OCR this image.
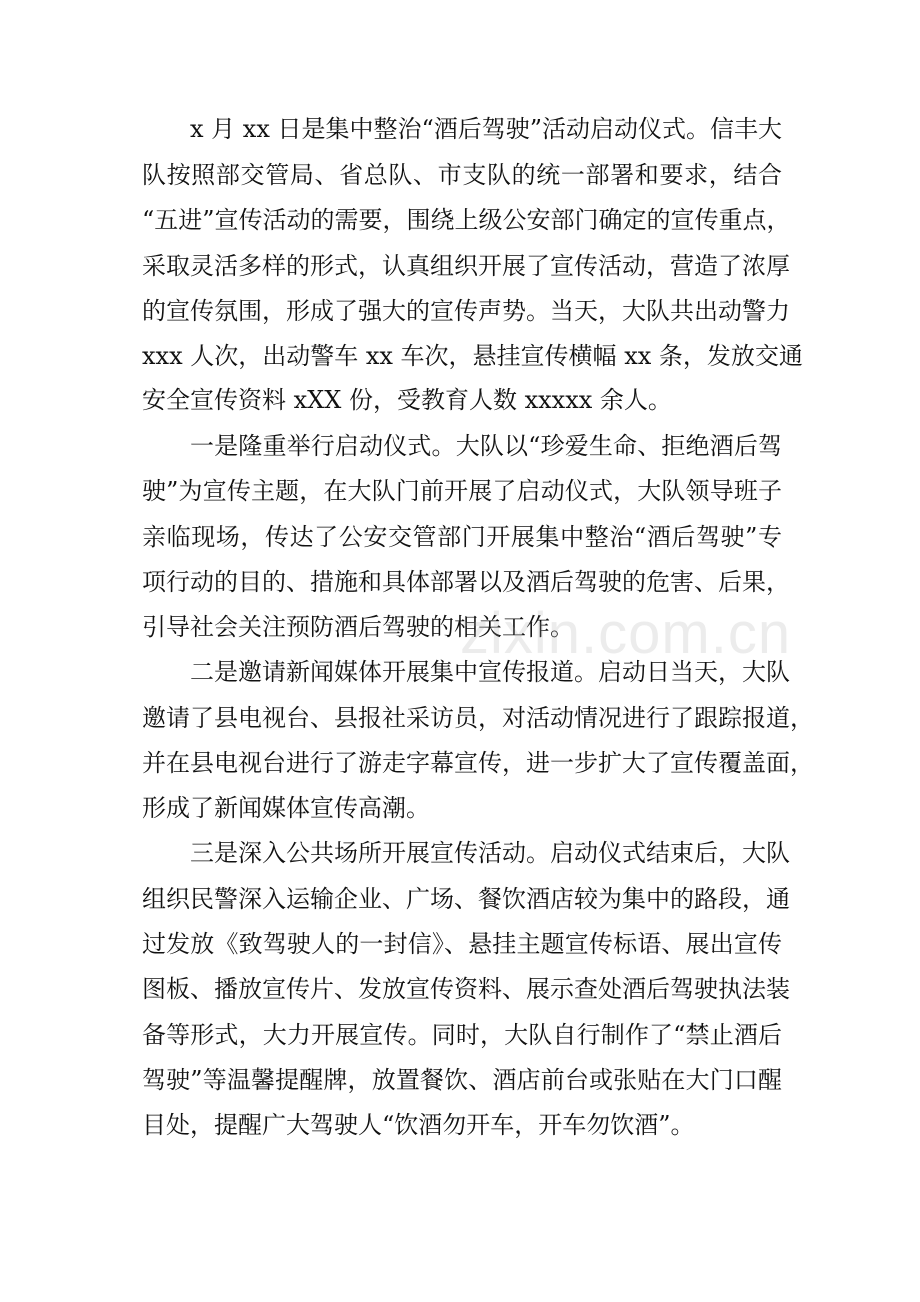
x 月 xx 日是集中整治“酒后驾驶”活动启动仪式。信丰大
队按照部交管局、省总队、市支队的统一部署和要求，结合
“五进”宣传活动的需要，围绕上级公安部门确定的宣传重点，
采取灵活多样的形式，认真组织开展了宣传活动，营造了浓厚
的宣传氛围，形成了强大的宣传声势。当天，大队共出动警力
xxx 人次，出动警车 xx 车次，悬挂宣传横幅 xx 条，发放交通
安全宣传资料 xXX 份，受教育人数 xxxxx 余人。
一是隆重举行启动仪式。大队以“珍爱生命、拒绝酒后驾
驶”为宣传主题，在大队门前开展了启动仪式，大队领导班子
亲临现场，传达了公安交管部门开展集中整治“酒后驾驶”专
项行动的目的、措施和具体部署以及酒后驾驶的危害、后果，
引导社会关注预防酒后驾驶的相关工作。
二是邀请新闻媒体开展集中宣传报道。启动日当天，大队
邀请了县电视台、县报社采访员，对活动情况进行了跟踪报道，
并在县电视台进行了游走字幕宣传，进一步扩大了宣传覆盖面，
形成了新闻媒体宣传高潮。
三是深入公共场所开展宣传活动。启动仪式结束后，大队
组织民警深入运输企业、广场、餐饮酒店较为集中的路段，通
过发放《致驾驶人的一封信》、悬挂主题宣传标语、展出宣传
图板、播放宣传片、发放宣传资料、展示查处酒后驾驶执法装
备等形式，大力开展宣传。同时，大队自行制作了“禁止酒后
驾驶”等温馨提醒牌，放置餐饮、酒店前台或张贴在大门口醒
目处，提醒广大驾驶人“饮酒勿开车，开车勿饮酒”。
zixin.com.cn
